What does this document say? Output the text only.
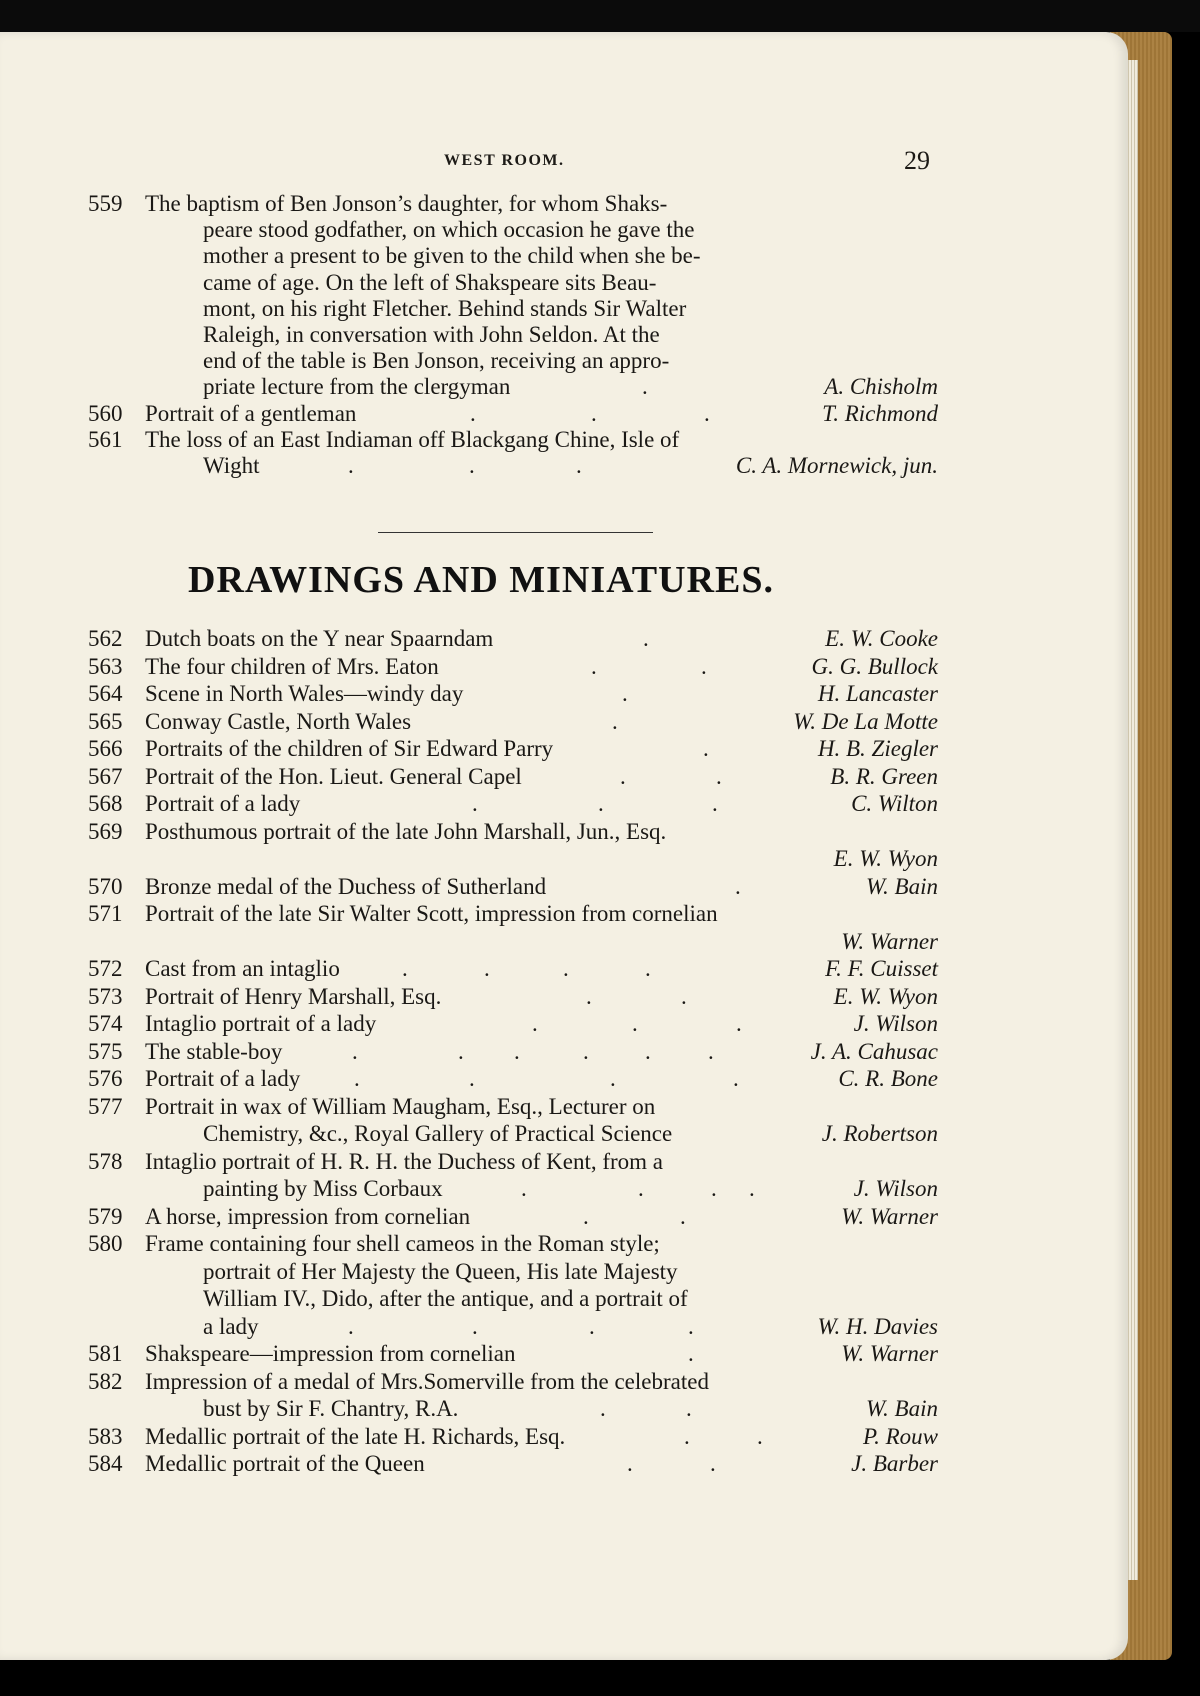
WEST ROOM.	29
559 The baptism of Ben Jonson’s daughter, for whom Shaks-
peare stood godfather, on which occasion he gave the
mother a present to be given to the child when she be-
came of age. On the left of Shakspeare sits Beau-
mont, on his right Fletcher. Behind stands Sir Walter
Raleigh, in conversation with John Seldon. At the
end of the table is Ben Jonson, receiving an appro-
priate lecture from the clergyman	.	A. Chisholm
560 Portrait of a gentleman	.	.	.	T. Richmond
561 The loss of an East Indiaman off Blackgang Chine, Isle of
Wight	.	.	.	C. A. Mornewick, jun.
562 Dutch boats on the Y near Spaarndam	.	E. W. Cooke
563 The four children of Mrs. Eaton	.	.	G. G. Bullock
564 Scene in North Wales—windy day	.	H. Lancaster
565 Conway Castle, North Wales	.	W. De La Motte
566 Portraits of the children of Sir Edward Parry	.	H. B. Ziegler
567 Portrait of the Hon. Lieut. General Capel	.	.	B. R. Green
568 Portrait of a lady	.	.	.	C. Wilton
569 Posthumous portrait of the late John Marshall, Jun., Esq.
E. W. Wyon
570 Bronze medal of the Duchess of Sutherland	.	W. Bain
571 Portrait of the late Sir Walter Scott, impression from cornelian
W. Warner
572 Cast from an intaglio	.	.	.	.	F. F. Cuisset
573 Portrait of Henry Marshall, Esq.	.	.	E. W. Wyon
574 Intaglio portrait of a lady	.	.	.	J. Wilson
575 The stable-boy	.	. .	. . .	J. A. Cahusac
576 Portrait of a lady .	.	.	.	C. R. Bone
577 Portrait in wax of William Maugham, Esq., Lecturer on
Chemistry, &c., Royal Gallery of Practical Science	J. Robertson
578 Intaglio portrait of H. R. H. the Duchess of Kent, from a
painting by Miss Corbaux	.	.	. .	J. Wilson
579 A horse, impression from cornelian	.	.	W. Warner
580 Frame containing four shell cameos in the Roman style;
portrait of Her Majesty the Queen, His late Majesty
William IV., Dido, after the antique, and a portrait of
a lady	.	.	.	.	W. H. Davies
581 Shakspeare—impression from cornelian	.	W. Warner
582 Impression of a medal of Mrs.Somerville from the celebrated
bust by Sir F. Chantry, R.A.	.	.	W. Bain
583 Medallic portrait of the late H. Richards, Esq.	.	.	P. Rouw
584 Medallic portrait of the Queen	.	.	J. Barber
DRAWINGS AND MINIATURES.
